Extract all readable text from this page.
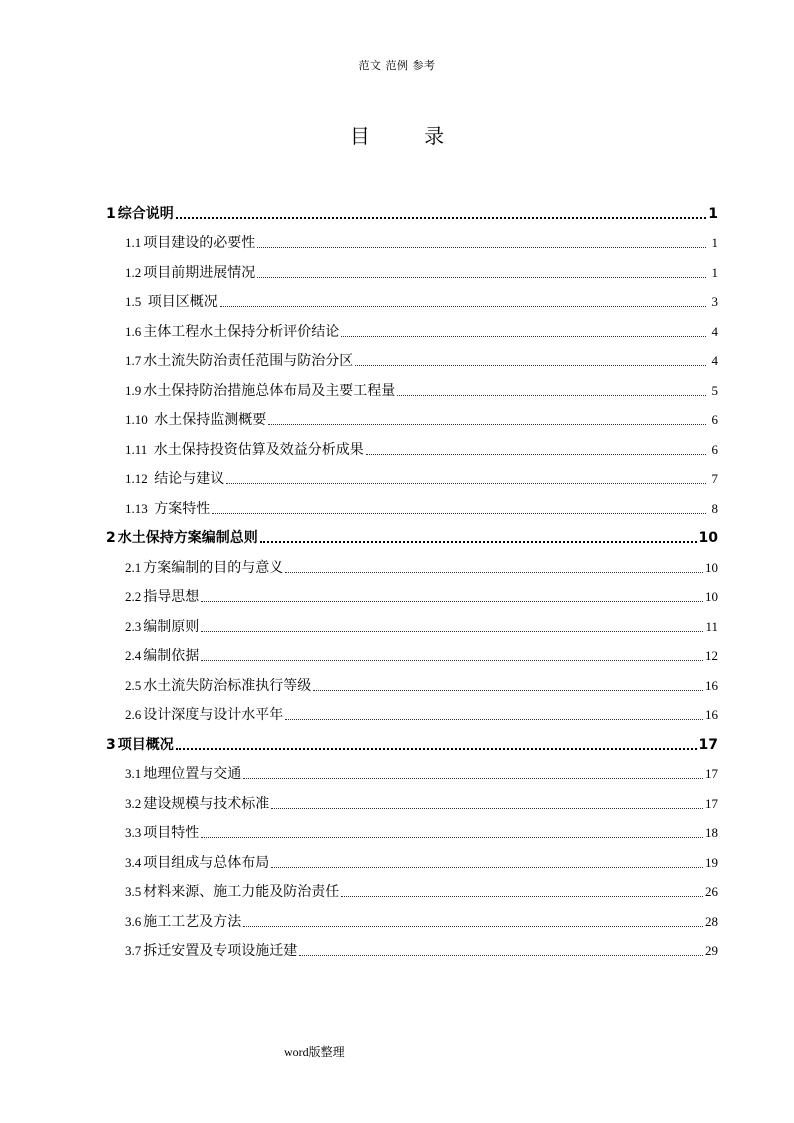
范文 范例 参考
目 录
1 综合说明	1
1.1 项目建设的必要性	1
1.2 项目前期进展情况	1
1.5 项目区概况	3
1.6 主体工程水土保持分析评价结论	4
1.7 水土流失防治责任范围与防治分区	4
1.9 水土保持防治措施总体布局及主要工程量	5
1.10 水土保持监测概要	6
1.11 水土保持投资估算及效益分析成果	6
1.12 结论与建议	7
1.13 方案特性	8
2 水土保持方案编制总则	10
2.1 方案编制的目的与意义	10
2.2 指导思想	10
2.3 编制原则	11
2.4 编制依据	12
2.5 水土流失防治标准执行等级	16
2.6 设计深度与设计水平年	16
3 项目概况	17
3.1 地理位置与交通	17
3.2 建设规模与技术标准	17
3.3 项目特性	18
3.4 项目组成与总体布局	19
3.5 材料来源、施工力能及防治责任	26
3.6 施工工艺及方法	28
3.7 拆迁安置及专项设施迁建	29
word版整理
